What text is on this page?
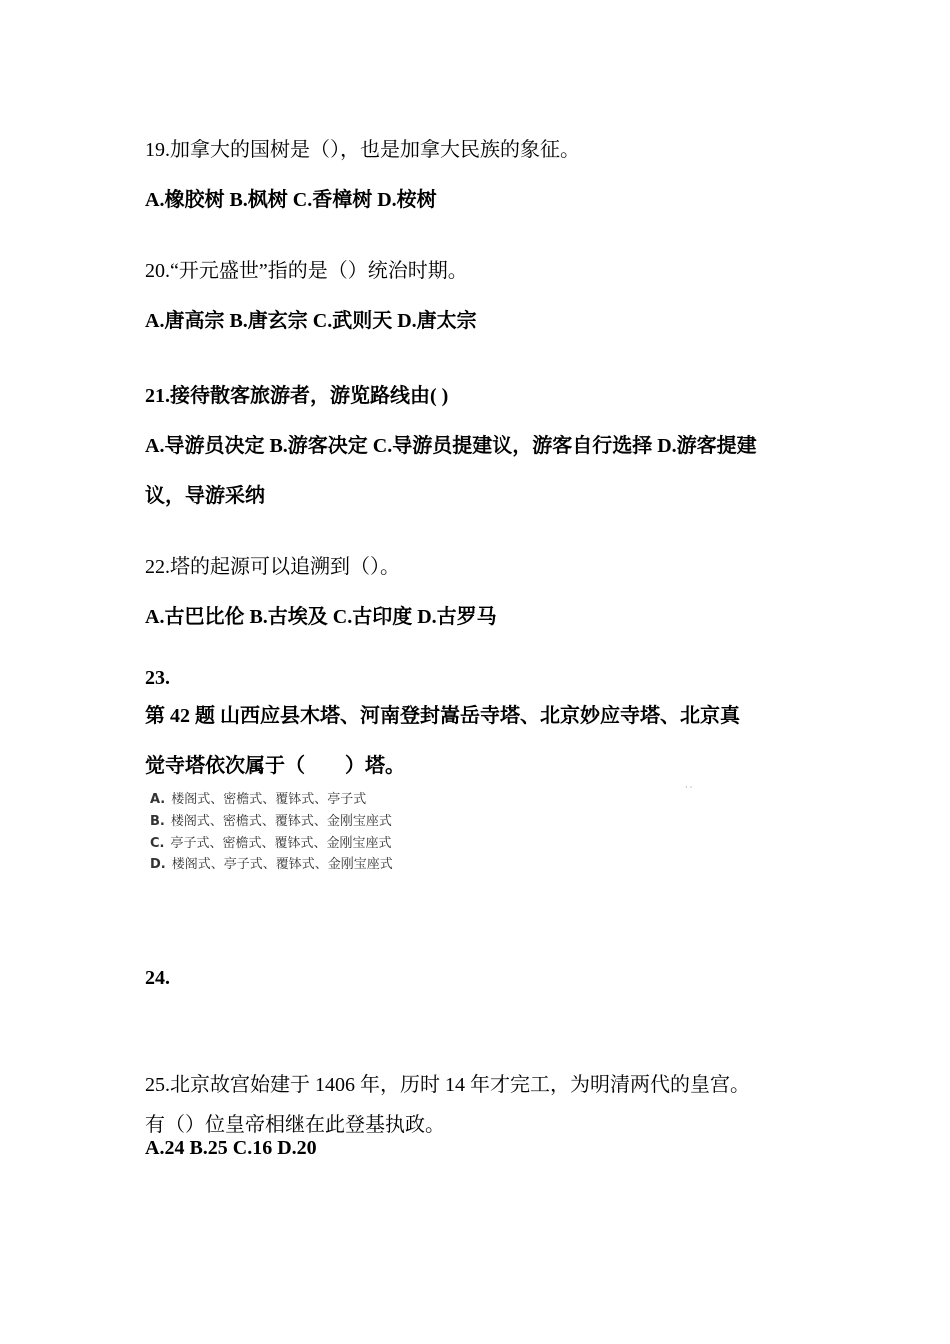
19.加拿大的国树是（），也是加拿大民族的象征。
A.橡胶树 B.枫树 C.香樟树 D.桉树
20.“开元盛世”指的是（）统治时期。
A.唐高宗 B.唐玄宗 C.武则天 D.唐太宗
21.接待散客旅游者，游览路线由( )
A.导游员决定 B.游客决定 C.导游员提建议，游客自行选择 D.游客提建
议，导游采纳
22.塔的起源可以追溯到（）。
A.古巴比伦 B.古埃及 C.古印度 D.古罗马
23.
第 42 题 山西应县木塔、河南登封嵩岳寺塔、北京妙应寺塔、北京真
觉寺塔依次属于（　　）塔。
A. 楼阁式、密檐式、覆钵式、亭子式
B. 楼阁式、密檐式、覆钵式、金刚宝座式
C. 亭子式、密檐式、覆钵式、金刚宝座式
D. 楼阁式、亭子式、覆钵式、金刚宝座式
· ·
24.
25.北京故宫始建于 1406 年，历时 14 年才完工，为明清两代的皇宫。
有（）位皇帝相继在此登基执政。
A.24 B.25 C.16 D.20
